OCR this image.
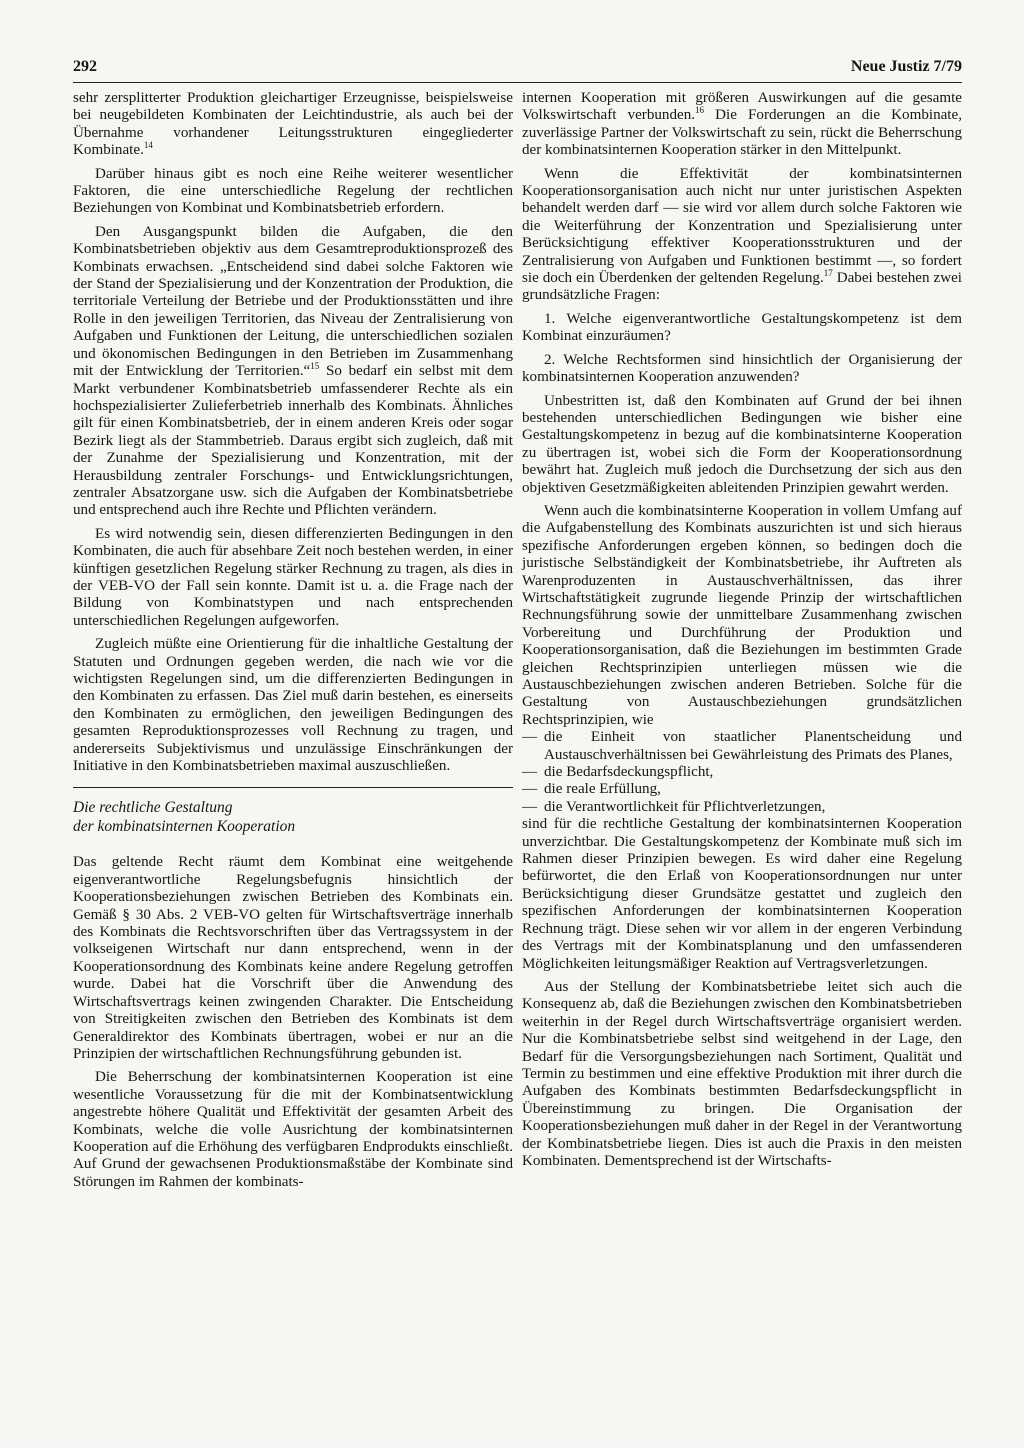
292	Neue Justiz 7/79

sehr zersplitterter Produktion gleichartiger Erzeugnisse, beispielsweise bei neugebildeten Kombinaten der Leichtindustrie, als auch bei der Übernahme vorhandener Leitungsstrukturen eingegliederter Kombinate.$^{14}$

Darüber hinaus gibt es noch eine Reihe weiterer wesentlicher Faktoren, die eine unterschiedliche Regelung der rechtlichen Beziehungen von Kombinat und Kombinatsbetrieb erfordern.

Den Ausgangspunkt bilden die Aufgaben, die den Kombinatsbetrieben objektiv aus dem Gesamtreproduktionsprozeß des Kombinats erwachsen. „Entscheidend sind dabei solche Faktoren wie der Stand der Spezialisierung und der Konzentration der Produktion, die territoriale Verteilung der Betriebe und der Produktionsstätten und ihre Rolle in den jeweiligen Territorien, das Niveau der Zentralisierung von Aufgaben und Funktionen der Leitung, die unterschiedlichen sozialen und ökonomischen Bedingungen in den Betrieben im Zusammenhang mit der Entwicklung der Territorien.“$^{15}$ So bedarf ein selbst mit dem Markt verbundener Kombinatsbetrieb umfassenderer Rechte als ein hochspezialisierter Zulieferbetrieb innerhalb des Kombinats. Ähnliches gilt für einen Kombinatsbetrieb, der in einem anderen Kreis oder sogar Bezirk liegt als der Stammbetrieb. Daraus ergibt sich zugleich, daß mit der Zunahme der Spezialisierung und Konzentration, mit der Herausbildung zentraler Forschungs- und Entwicklungsrichtungen, zentraler Absatzorgane usw. sich die Aufgaben der Kombinatsbetriebe und entsprechend auch ihre Rechte und Pflichten verändern.

Es wird notwendig sein, diesen differenzierten Bedingungen in den Kombinaten, die auch für absehbare Zeit noch bestehen werden, in einer künftigen gesetzlichen Regelung stärker Rechnung zu tragen, als dies in der VEB-VO der Fall sein konnte. Damit ist u. a. die Frage nach der Bildung von Kombinatstypen und nach entsprechenden unterschiedlichen Regelungen aufgeworfen.

Zugleich müßte eine Orientierung für die inhaltliche Gestaltung der Statuten und Ordnungen gegeben werden, die nach wie vor die wichtigsten Regelungen sind, um die differenzierten Bedingungen in den Kombinaten zu erfassen. Das Ziel muß darin bestehen, es einerseits den Kombinaten zu ermöglichen, den jeweiligen Bedingungen des gesamten Reproduktionsprozesses voll Rechnung zu tragen, und andererseits Subjektivismus und unzulässige Einschränkungen der Initiative in den Kombinatsbetrieben maximal auszuschließen.

Die rechtliche Gestaltung
der kombinatsinternen Kooperation

Das geltende Recht räumt dem Kombinat eine weitgehende eigenverantwortliche Regelungsbefugnis hinsichtlich der Kooperationsbeziehungen zwischen Betrieben des Kombinats ein. Gemäß § 30 Abs. 2 VEB-VO gelten für Wirtschaftsverträge innerhalb des Kombinats die Rechtsvorschriften über das Vertragssystem in der volkseigenen Wirtschaft nur dann entsprechend, wenn in der Kooperationsordnung des Kombinats keine andere Regelung getroffen wurde. Dabei hat die Vorschrift über die Anwendung des Wirtschaftsvertrags keinen zwingenden Charakter. Die Entscheidung von Streitigkeiten zwischen den Betrieben des Kombinats ist dem Generaldirektor des Kombinats übertragen, wobei er nur an die Prinzipien der wirtschaftlichen Rechnungsführung gebunden ist.

Die Beherrschung der kombinatsinternen Kooperation ist eine wesentliche Voraussetzung für die mit der Kombinatsentwicklung angestrebte höhere Qualität und Effektivität der gesamten Arbeit des Kombinats, welche die volle Ausrichtung der kombinatsinternen Kooperation auf die Erhöhung des verfügbaren Endprodukts einschließt. Auf Grund der gewachsenen Produktionsmaßstäbe der Kombinate sind Störungen im Rahmen der kombinats-

internen Kooperation mit größeren Auswirkungen auf die gesamte Volkswirtschaft verbunden.$^{16}$ Die Forderungen an die Kombinate, zuverlässige Partner der Volkswirtschaft zu sein, rückt die Beherrschung der kombinatsinternen Kooperation stärker in den Mittelpunkt.

Wenn die Effektivität der kombinatsinternen Kooperationsorganisation auch nicht nur unter juristischen Aspekten behandelt werden darf — sie wird vor allem durch solche Faktoren wie die Weiterführung der Konzentration und Spezialisierung unter Berücksichtigung effektiver Kooperationsstrukturen und der Zentralisierung von Aufgaben und Funktionen bestimmt —, so fordert sie doch ein Überdenken der geltenden Regelung.$^{17}$ Dabei bestehen zwei grundsätzliche Fragen:

1. Welche eigenverantwortliche Gestaltungskompetenz ist dem Kombinat einzuräumen?

2. Welche Rechtsformen sind hinsichtlich der Organisierung der kombinatsinternen Kooperation anzuwenden?

Unbestritten ist, daß den Kombinaten auf Grund der bei ihnen bestehenden unterschiedlichen Bedingungen wie bisher eine Gestaltungskompetenz in bezug auf die kombinatsinterne Kooperation zu übertragen ist, wobei sich die Form der Kooperationsordnung bewährt hat. Zugleich muß jedoch die Durchsetzung der sich aus den objektiven Gesetzmäßigkeiten ableitenden Prinzipien gewahrt werden.

Wenn auch die kombinatsinterne Kooperation in vollem Umfang auf die Aufgabenstellung des Kombinats auszurichten ist und sich hieraus spezifische Anforderungen ergeben können, so bedingen doch die juristische Selbständigkeit der Kombinatsbetriebe, ihr Auftreten als Warenproduzenten in Austauschverhältnissen, das ihrer Wirtschaftstätigkeit zugrunde liegende Prinzip der wirtschaftlichen Rechnungsführung sowie der unmittelbare Zusammenhang zwischen Vorbereitung und Durchführung der Produktion und Kooperationsorganisation, daß die Beziehungen im bestimmten Grade gleichen Rechtsprinzipien unterliegen müssen wie die Austauschbeziehungen zwischen anderen Betrieben. Solche für die Gestaltung von Austauschbeziehungen grundsätzlichen Rechtsprinzipien, wie

— die Einheit von staatlicher Planentscheidung und Austauschverhältnissen bei Gewährleistung des Primats des Planes,
— die Bedarfsdeckungspflicht,
— die reale Erfüllung,
— die Verantwortlichkeit für Pflichtverletzungen,

sind für die rechtliche Gestaltung der kombinatsinternen Kooperation unverzichtbar. Die Gestaltungskompetenz der Kombinate muß sich im Rahmen dieser Prinzipien bewegen. Es wird daher eine Regelung befürwortet, die den Erlaß von Kooperationsordnungen nur unter Berücksichtigung dieser Grundsätze gestattet und zugleich den spezifischen Anforderungen der kombinatsinternen Kooperation Rechnung trägt. Diese sehen wir vor allem in der engeren Verbindung des Vertrags mit der Kombinatsplanung und den umfassenderen Möglichkeiten leitungsmäßiger Reaktion auf Vertragsverletzungen.

Aus der Stellung der Kombinatsbetriebe leitet sich auch die Konsequenz ab, daß die Beziehungen zwischen den Kombinatsbetrieben weiterhin in der Regel durch Wirtschaftsverträge organisiert werden. Nur die Kombinatsbetriebe selbst sind weitgehend in der Lage, den Bedarf für die Versorgungsbeziehungen nach Sortiment, Qualität und Termin zu bestimmen und eine effektive Produktion mit ihrer durch die Aufgaben des Kombinats bestimmten Bedarfsdeckungspflicht in Übereinstimmung zu bringen. Die Organisation der Kooperationsbeziehungen muß daher in der Regel in der Verantwortung der Kombinatsbetriebe liegen. Dies ist auch die Praxis in den meisten Kombinaten. Dementsprechend ist der Wirtschafts-
